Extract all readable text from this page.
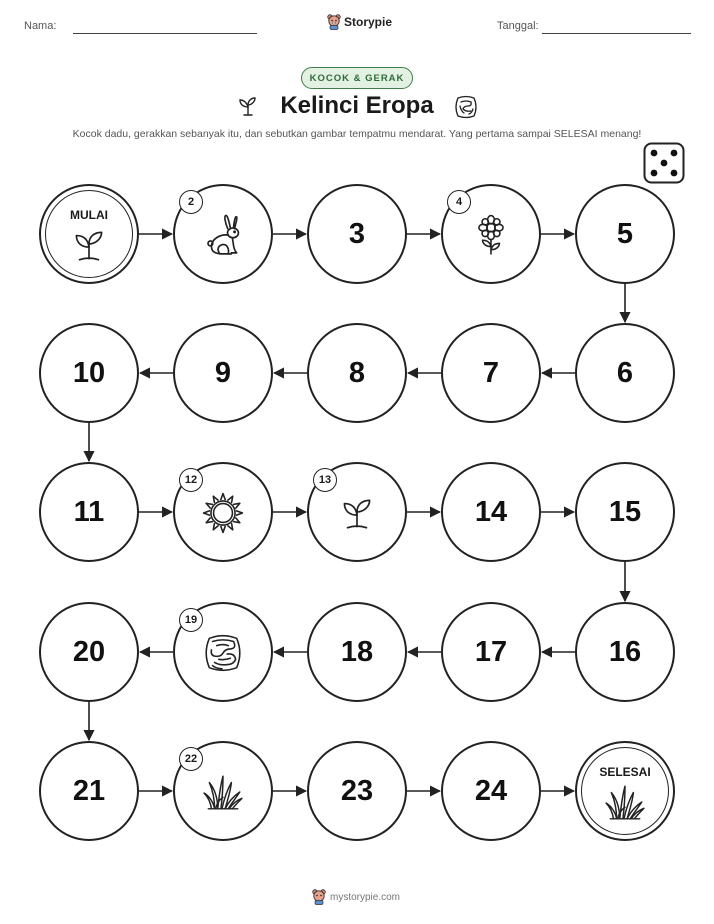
Nama:	Storypie	Tanggal:
KOCOK & GERAK
Kelinci Eropa
Kocok dadu, gerakkan sebanyak itu, dan sebutkan gambar tempatmu mendarat. Yang pertama sampai SELESAI menang!
MULAI
2
3
4
5
6
7
8
9
10
11
12	13
14	15
16
17
18
19
20
21
22
23	24
SELESAI
mystorypie.com
